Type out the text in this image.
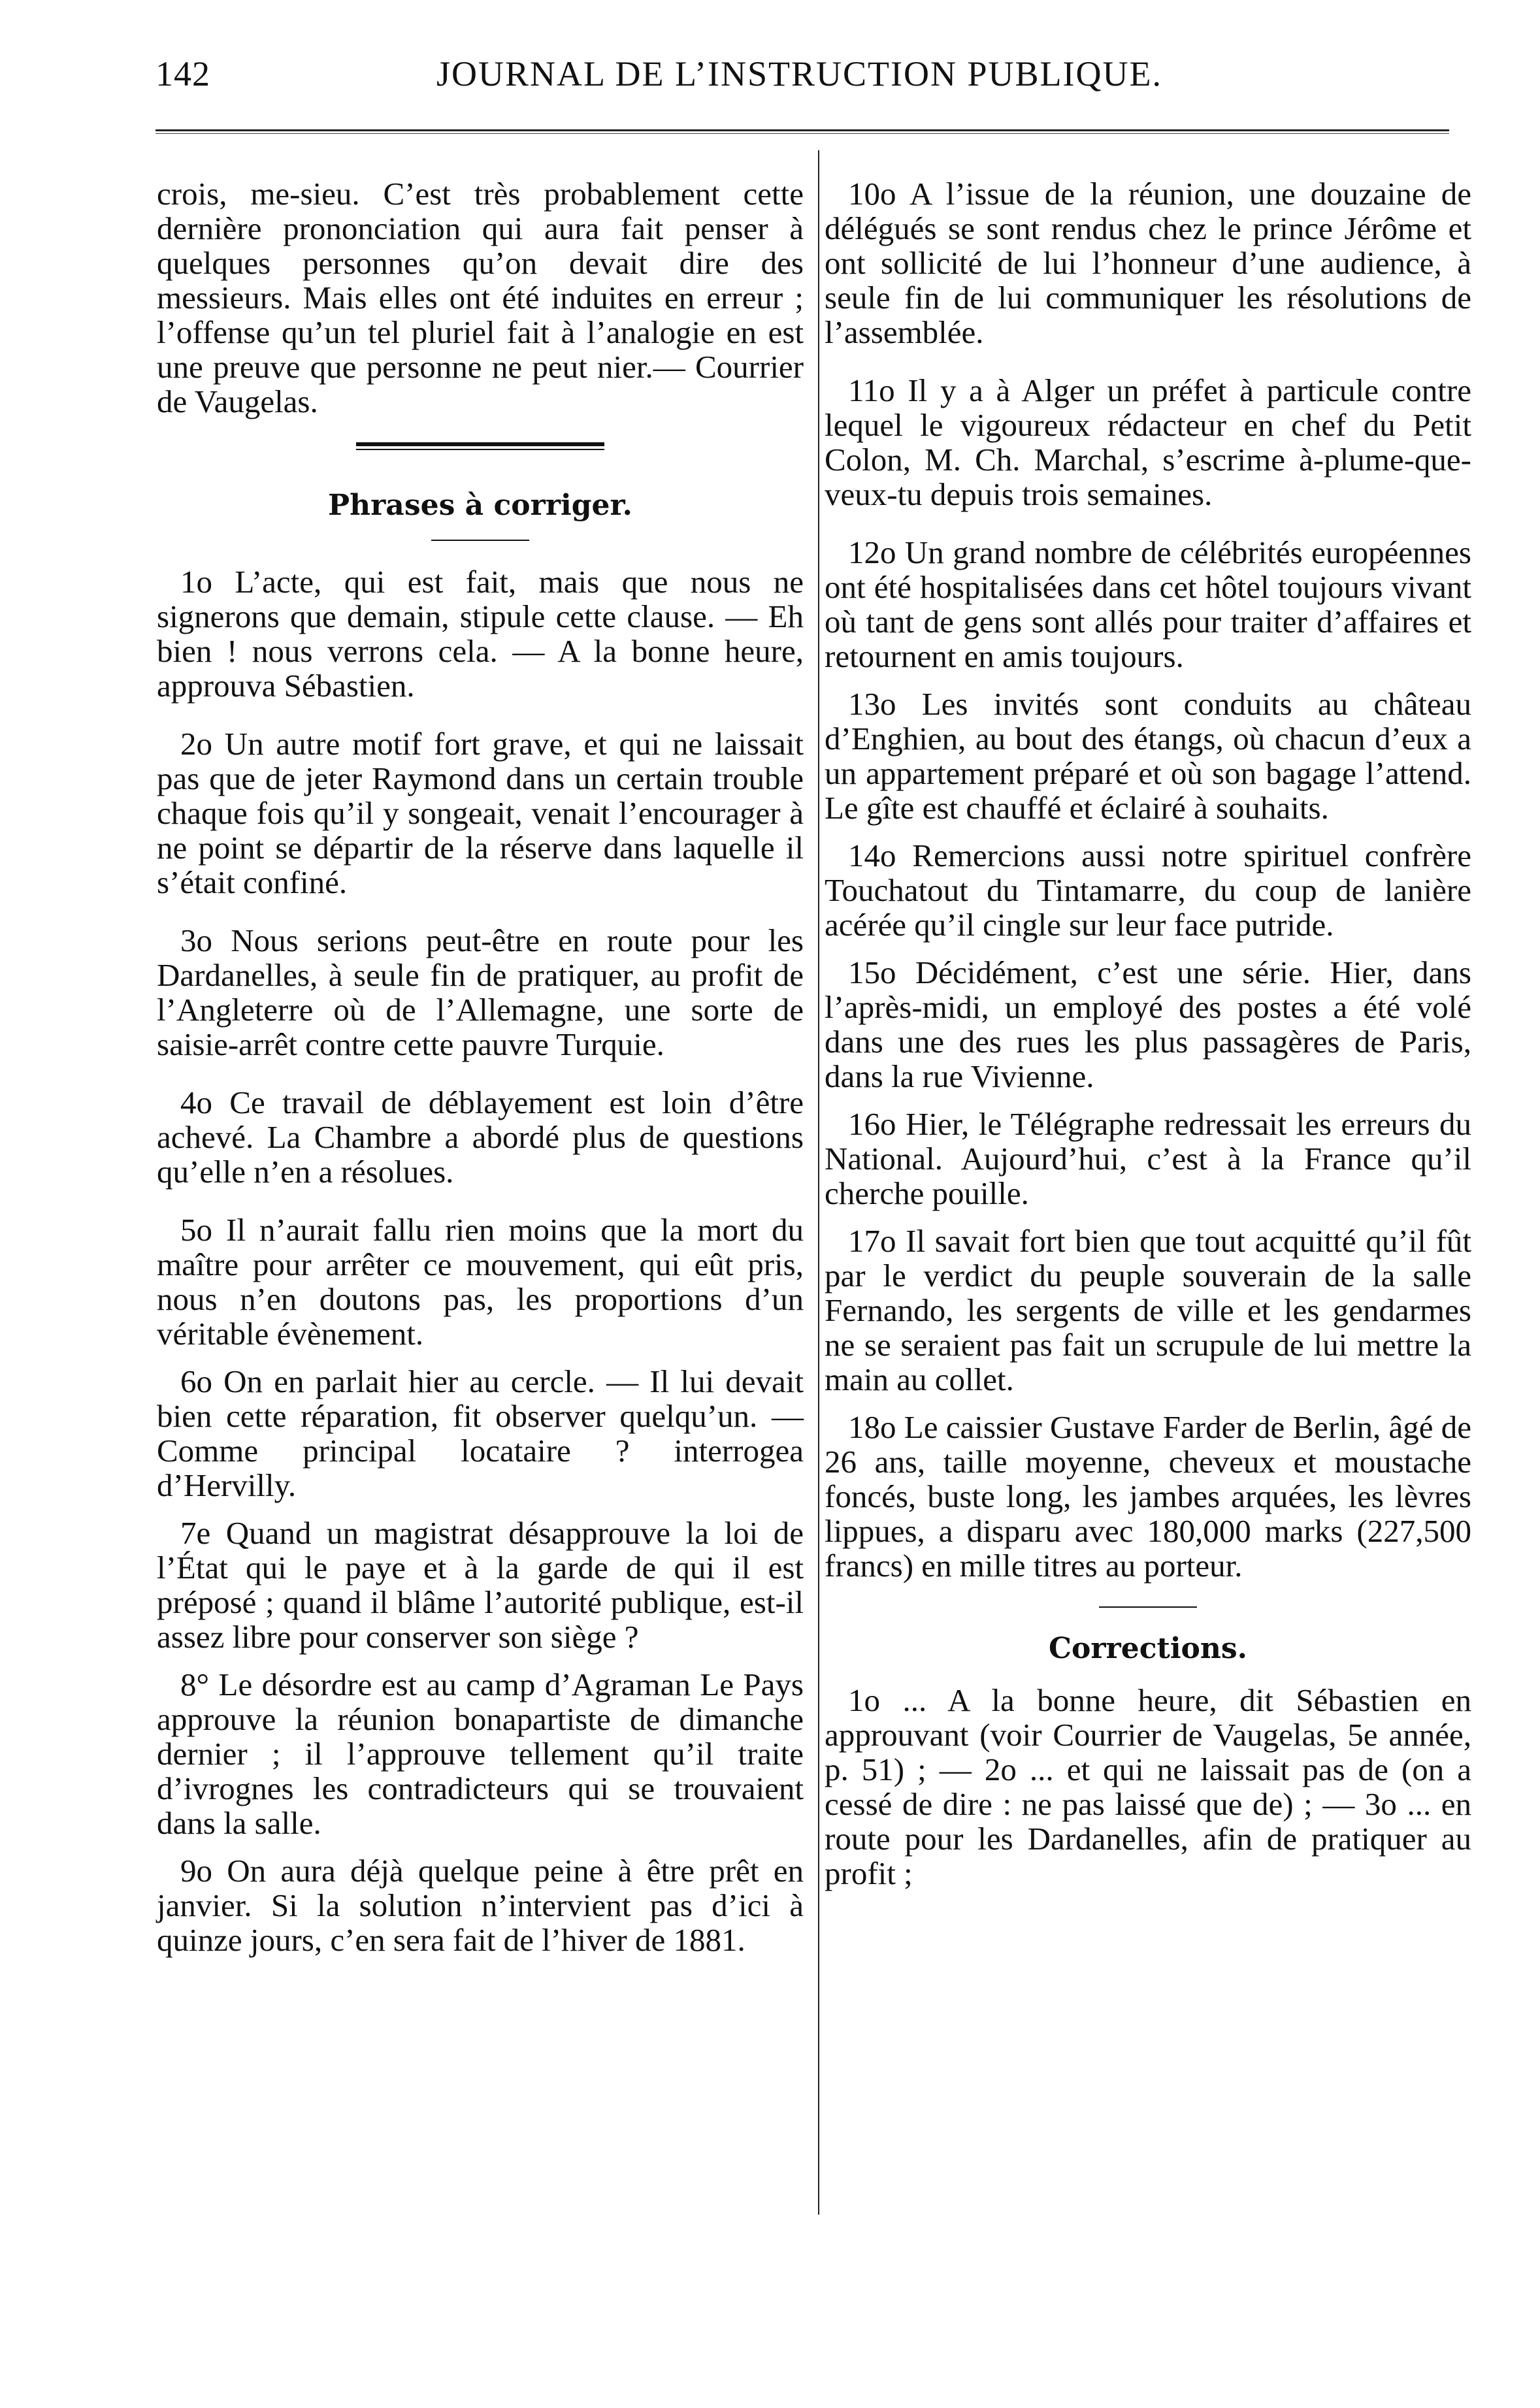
142	JOURNAL DE L’INSTRUCTION PUBLIQUE.

crois, me-sieu. C’est très probablement cette dernière prononciation qui aura fait penser à quelques personnes qu’on devait dire des messieurs. Mais elles ont été induites en erreur ; l’offense qu’un tel pluriel fait à l’analogie en est une preuve que personne ne peut nier.— Courrier de Vaugelas.

Phrases à corriger.

1o L’acte, qui est fait, mais que nous ne signerons que demain, stipule cette clause. — Eh bien ! nous verrons cela. — A la bonne heure, approuva Sébastien.

2o Un autre motif fort grave, et qui ne laissait pas que de jeter Raymond dans un certain trouble chaque fois qu’il y songeait, venait l’encourager à ne point se départir de la réserve dans laquelle il s’était confiné.

3o Nous serions peut-être en route pour les Dardanelles, à seule fin de pratiquer, au profit de l’Angleterre où de l’Allemagne, une sorte de saisie-arrêt contre cette pauvre Turquie.

4o Ce travail de déblayement est loin d’être achevé. La Chambre a abordé plus de questions qu’elle n’en a résolues.

5o Il n’aurait fallu rien moins que la mort du maître pour arrêter ce mouvement, qui eût pris, nous n’en doutons pas, les proportions d’un véritable évènement.

6o On en parlait hier au cercle. — Il lui devait bien cette réparation, fit observer quelqu’un. — Comme principal locataire ? interrogea d’Hervilly.

7e Quand un magistrat désapprouve la loi de l’État qui le paye et à la garde de qui il est préposé ; quand il blâme l’autorité publique, est-il assez libre pour conserver son siège ?

8° Le désordre est au camp d’Agraman Le Pays approuve la réunion bonapartiste de dimanche dernier ; il l’approuve tellement qu’il traite d’ivrognes les contradicteurs qui se trouvaient dans la salle.

9o On aura déjà quelque peine à être prêt en janvier. Si la solution n’intervient pas d’ici à quinze jours, c’en sera fait de l’hiver de 1881.

10o A l’issue de la réunion, une douzaine de délégués se sont rendus chez le prince Jérôme et ont sollicité de lui l’honneur d’une audience, à seule fin de lui communiquer les résolutions de l’assemblée.

11o Il y a à Alger un préfet à particule contre lequel le vigoureux rédacteur en chef du Petit Colon, M. Ch. Marchal, s’escrime à-plume-que-veux-tu depuis trois semaines.

12o Un grand nombre de célébrités européennes ont été hospitalisées dans cet hôtel toujours vivant où tant de gens sont allés pour traiter d’affaires et retournent en amis toujours.

13o Les invités sont conduits au château d’Enghien, au bout des étangs, où chacun d’eux a un appartement préparé et où son bagage l’attend. Le gîte est chauffé et éclairé à souhaits.

14o Remercions aussi notre spirituel confrère Touchatout du Tintamarre, du coup de lanière acérée qu’il cingle sur leur face putride.

15o Décidément, c’est une série. Hier, dans l’après-midi, un employé des postes a été volé dans une des rues les plus passagères de Paris, dans la rue Vivienne.

16o Hier, le Télégraphe redressait les erreurs du National. Aujourd’hui, c’est à la France qu’il cherche pouille.

17o Il savait fort bien que tout acquitté qu’il fût par le verdict du peuple souverain de la salle Fernando, les sergents de ville et les gendarmes ne se seraient pas fait un scrupule de lui mettre la main au collet.

18o Le caissier Gustave Farder de Berlin, âgé de 26 ans, taille moyenne, cheveux et moustache foncés, buste long, les jambes arquées, les lèvres lippues, a disparu avec 180,000 marks (227,500 francs) en mille titres au porteur.

Corrections.

1o ... A la bonne heure, dit Sébastien en approuvant (voir Courrier de Vaugelas, 5e année, p. 51) ; — 2o ... et qui ne laissait pas de (on a cessé de dire : ne pas laissé que de) ; — 3o ... en route pour les Dardanelles, afin de pratiquer au profit ;
